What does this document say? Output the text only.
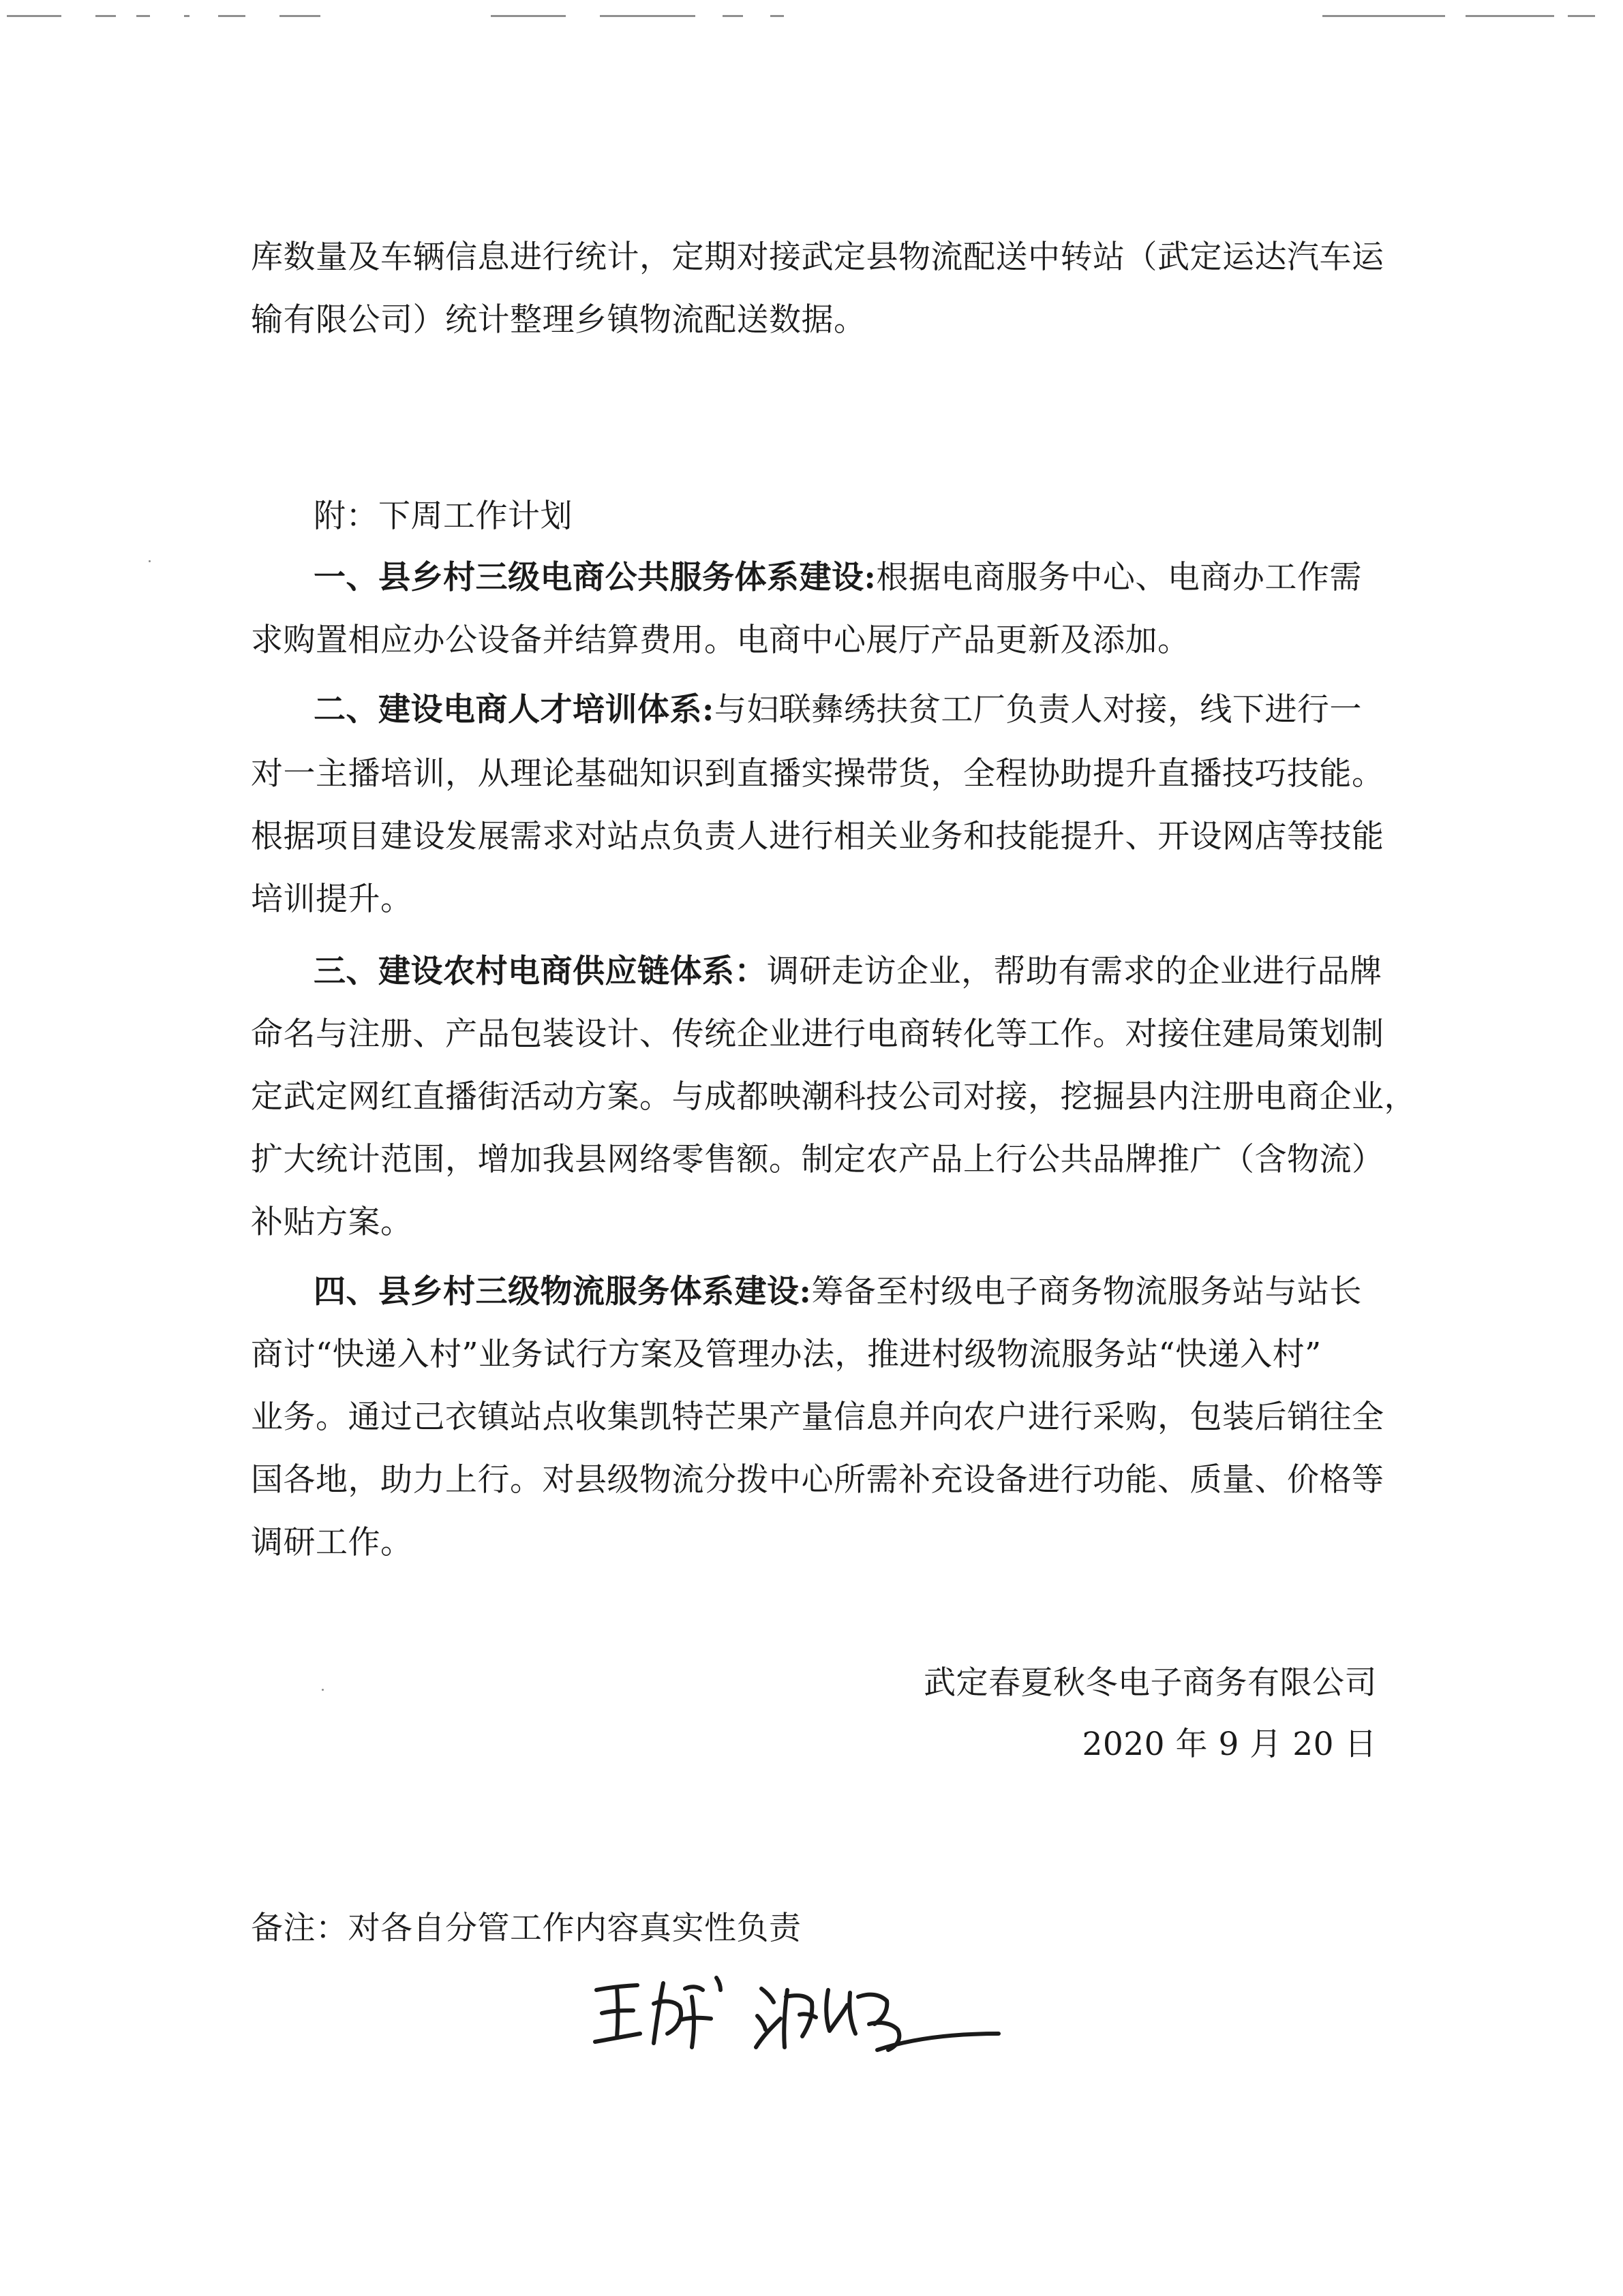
库数量及车辆信息进行统计，定期对接武定县物流配送中转站（武定运达汽车运
输有限公司）统计整理乡镇物流配送数据。
附：下周工作计划
一、县乡村三级电商公共服务体系建设:根据电商服务中心、电商办工作需
求购置相应办公设备并结算费用。电商中心展厅产品更新及添加。
二、建设电商人才培训体系:与妇联彝绣扶贫工厂负责人对接，线下进行一
对一主播培训，从理论基础知识到直播实操带货，全程协助提升直播技巧技能。
根据项目建设发展需求对站点负责人进行相关业务和技能提升、开设网店等技能
培训提升。
三、建设农村电商供应链体系：调研走访企业，帮助有需求的企业进行品牌
命名与注册、产品包装设计、传统企业进行电商转化等工作。对接住建局策划制
定武定网红直播街活动方案。与成都映潮科技公司对接，挖掘县内注册电商企业，
扩大统计范围，增加我县网络零售额。制定农产品上行公共品牌推广（含物流）
补贴方案。
四、县乡村三级物流服务体系建设:筹备至村级电子商务物流服务站与站长
商讨“快递入村”业务试行方案及管理办法，推进村级物流服务站“快递入村”
业务。通过己衣镇站点收集凯特芒果产量信息并向农户进行采购，包装后销往全
国各地，助力上行。对县级物流分拨中心所需补充设备进行功能、质量、价格等
调研工作。
武定春夏秋冬电子商务有限公司
2020 年 9 月 20 日
备注：对各自分管工作内容真实性负责
